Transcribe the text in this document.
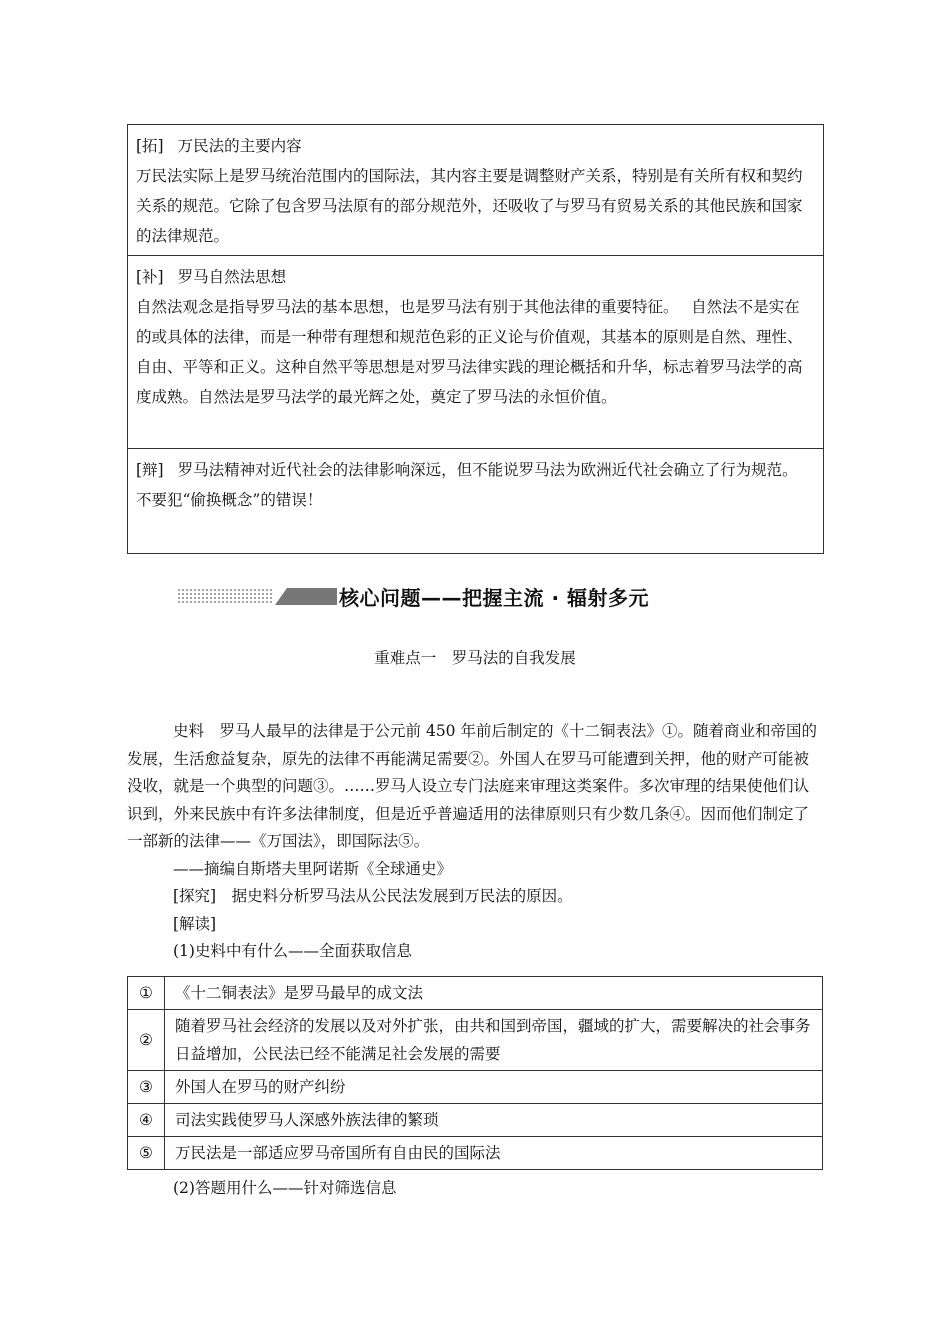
[拓] 万民法的主要内容

万民法实际上是罗马统治范围内的国际法，其内容主要是调整财产关系，特别是有关所有权和契约关系的规范。它除了包含罗马法原有的部分规范外，还吸收了与罗马有贸易关系的其他民族和国家的法律规范。

[补] 罗马自然法思想

自然法观念是指导罗马法的基本思想，也是罗马法有别于其他法律的重要特征。　 自然法不是实在的或具体的法律，而是一种带有理想和规范色彩的正义论与价值观，其基本的原则是自然、理性、自由、平等和正义。这种自然平等思想是对罗马法律实践的理论概括和升华，标志着罗马法学的高度成熟。自然法是罗马法学的最光辉之处，奠定了罗马法的永恒价值。

[辩] 罗马法精神对近代社会的法律影响深远，但不能说罗马法为欧洲近代社会确立了行为规范。

不要犯“偷换概念”的错误！

核心问题——把握主流 · 辐射多元
重难点一　罗马法的自我发展

史料　 罗马人最早的法律是于公元前 450 年前后制定的《十二铜表法》①。随着商业和帝国的发展，生活愈益复杂，原先的法律不再能满足需要②。外国人在罗马可能遭到关押，他的财产可能被没收，就是一个典型的问题③。……罗马人设立专门法庭来审理这类案件。多次审理的结果使他们认识到，外来民族中有许多法律制度，但是近乎普遍适用的法律原则只有少数几条④。因而他们制定了一部新的法律——《万国法》，即国际法⑤。

——摘编自斯塔夫里阿诺斯《全球通史》

[探究]　 据史料分析罗马法从公民法发展到万民法的原因。

[解读]

(1)史料中有什么——全面获取信息

①	《十二铜表法》是罗马最早的成文法
②	随着罗马社会经济的发展以及对外扩张，由共和国到帝国，疆域的扩大，需要解决的社会事务日益增加，公民法已经不能满足社会发展的需要
③	外国人在罗马的财产纠纷
④	司法实践使罗马人深感外族法律的繁琐
⑤	万民法是一部适应罗马帝国所有自由民的国际法
(2)答题用什么——针对筛选信息
